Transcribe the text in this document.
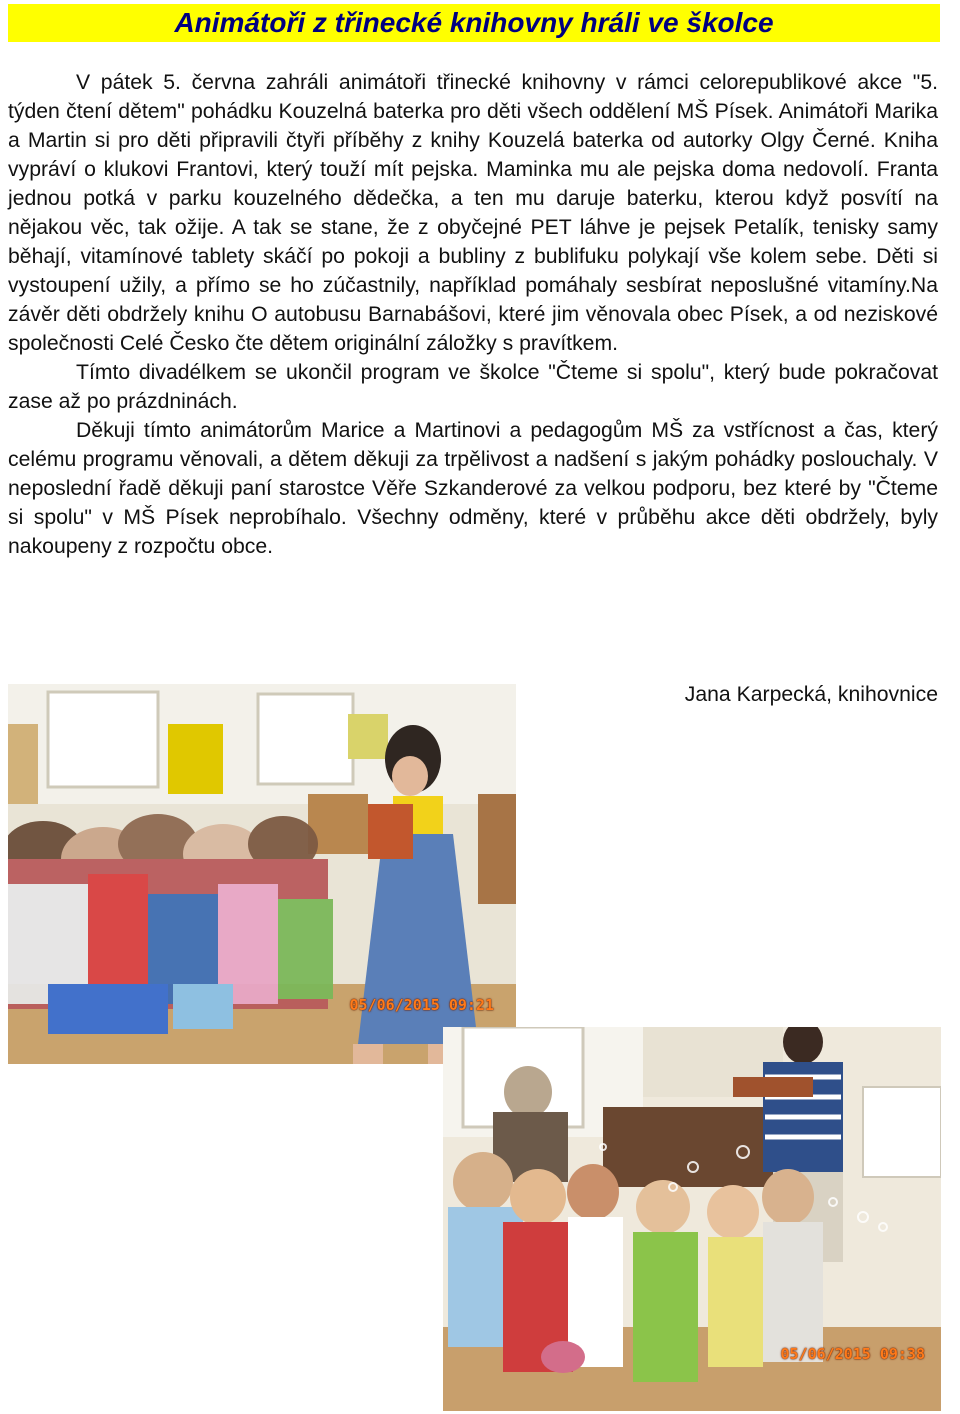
Animátoři z třinecké knihovny hráli ve školce

V pátek 5. června zahráli animátoři třinecké knihovny v rámci celorepublikové akce "5. týden čtení dětem" pohádku Kouzelná baterka pro děti všech oddělení MŠ Písek. Animátoři Marika a Martin si pro děti připravili čtyři příběhy z knihy Kouzelá baterka od autorky Olgy Černé. Kniha vypráví o klukovi Frantovi, který touží mít pejska. Maminka mu ale pejska doma nedovolí. Franta jednou potká v parku kouzelného dědečka, a ten mu daruje baterku, kterou když posvítí na nějakou věc, tak ožije. A tak se stane, že z obyčejné PET láhve je pejsek Petalík, tenisky samy běhají, vitamínové tablety skáčí po pokoji a bubliny z bublifuku polykají vše kolem sebe. Děti si vystoupení užily, a přímo se ho zúčastnily, například pomáhaly sesbírat neposlušné vitamíny.Na závěr děti obdržely knihu O autobusu Barnabášovi, které jim věnovala obec Písek, a od neziskové společnosti Celé Česko čte dětem originální záložky s pravítkem.

Tímto divadélkem se ukončil program ve školce "Čteme si spolu", který bude pokračovat zase až po prázdninách.

Děkuji tímto animátorům Marice a Martinovi a pedagogům MŠ za vstřícnost a čas, který celému programu věnovali, a dětem děkuji za trpělivost a nadšení s jakým pohádky poslouchaly. V neposlední řadě děkuji paní starostce Věře Szkanderové za velkou podporu, bez které by "Čteme si spolu" v MŠ Písek neprobíhalo. Všechny odměny, které v průběhu akce děti obdržely, byly nakoupeny z rozpočtu obce.

Jana Karpecká, knihovnice
05/06/2015 09:21
05/06/2015 09:38
